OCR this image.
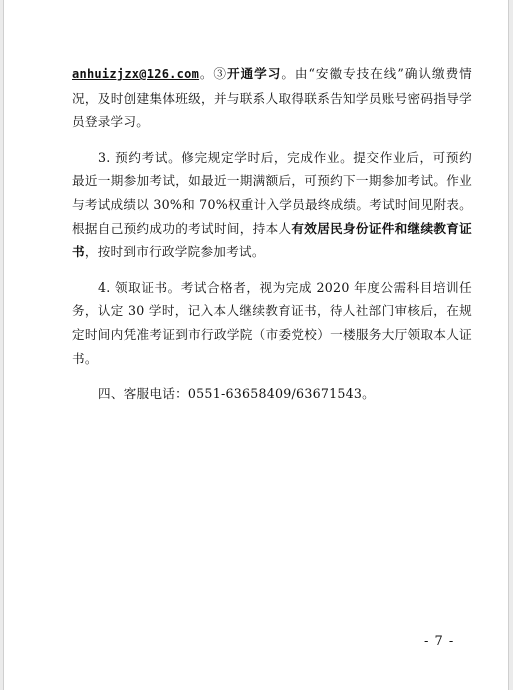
anhuizjzx@126.com。③开通学习。由“安徽专技在线”确认缴费情况，及时创建集体班级，并与联系人取得联系告知学员账号密码指导学员登录学习。

3. 预约考试。修完规定学时后，完成作业。提交作业后，可预约最近一期参加考试，如最近一期满额后，可预约下一期参加考试。作业与考试成绩以 30%和 70%权重计入学员最终成绩。考试时间见附表。根据自己预约成功的考试时间，持本人有效居民身份证件和继续教育证书，按时到市行政学院参加考试。

4. 领取证书。考试合格者，视为完成 2020 年度公需科目培训任务，认定 30 学时，记入本人继续教育证书，待人社部门审核后，在规定时间内凭准考证到市行政学院（市委党校）一楼服务大厅领取本人证书。

四、客服电话：0551-63658409/63671543。

- 7 -
